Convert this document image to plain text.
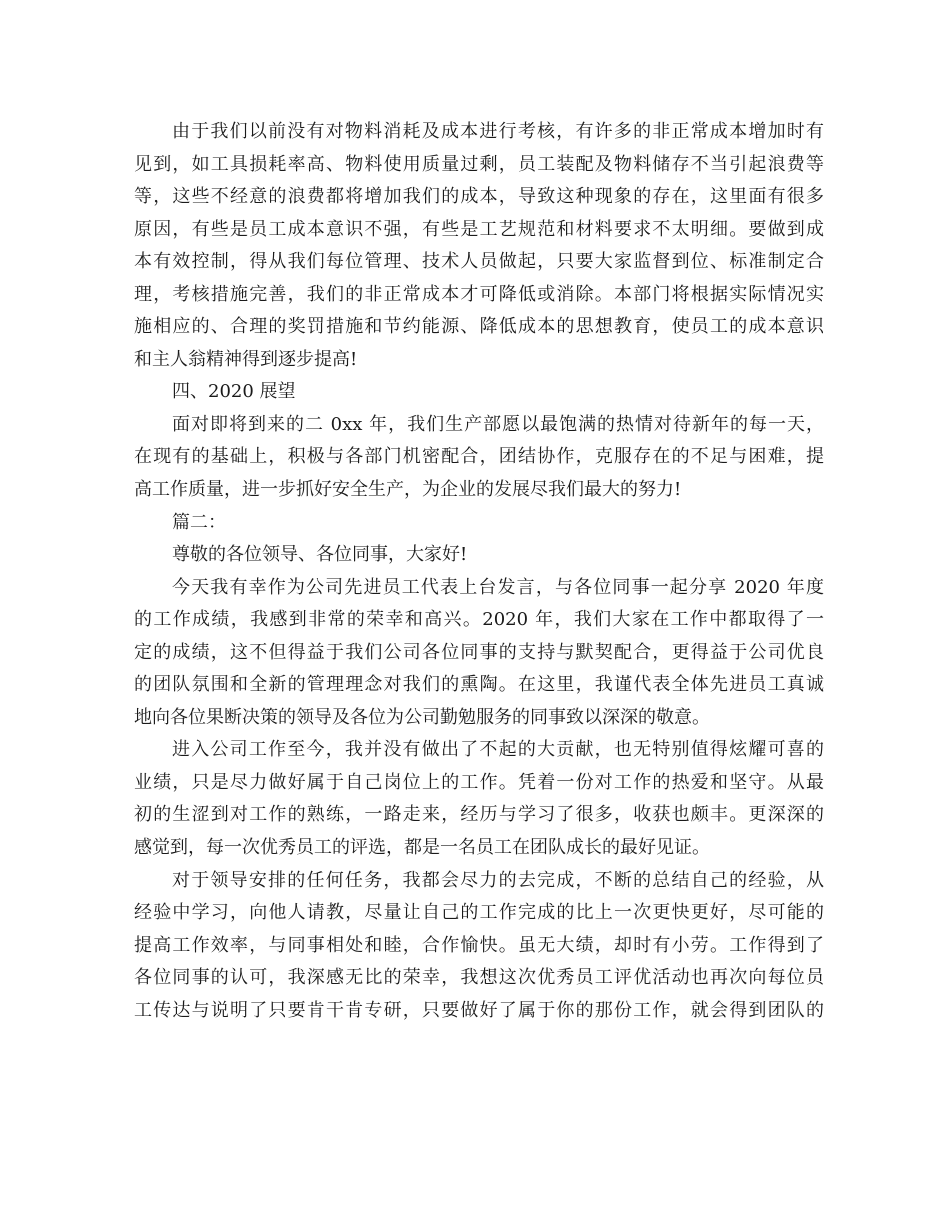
由于我们以前没有对物料消耗及成本进行考核，有许多的非正常成本增加时有
见到，如工具损耗率高、物料使用质量过剩，员工装配及物料储存不当引起浪费等
等，这些不经意的浪费都将增加我们的成本，导致这种现象的存在，这里面有很多
原因，有些是员工成本意识不强，有些是工艺规范和材料要求不太明细。要做到成
本有效控制，得从我们每位管理、技术人员做起，只要大家监督到位、标准制定合
理，考核措施完善，我们的非正常成本才可降低或消除。本部门将根据实际情况实
施相应的、合理的奖罚措施和节约能源、降低成本的思想教育，使员工的成本意识
和主人翁精神得到逐步提高!
四、2020 展望
面对即将到来的二 0xx 年，我们生产部愿以最饱满的热情对待新年的每一天，
在现有的基础上，积极与各部门机密配合，团结协作，克服存在的不足与困难，提
高工作质量，进一步抓好安全生产，为企业的发展尽我们最大的努力!
篇二：
尊敬的各位领导、各位同事，大家好!
今天我有幸作为公司先进员工代表上台发言，与各位同事一起分享 2020 年度
的工作成绩，我感到非常的荣幸和高兴。2020 年，我们大家在工作中都取得了一
定的成绩，这不但得益于我们公司各位同事的支持与默契配合，更得益于公司优良
的团队氛围和全新的管理理念对我们的熏陶。在这里，我谨代表全体先进员工真诚
地向各位果断决策的领导及各位为公司勤勉服务的同事致以深深的敬意。
进入公司工作至今，我并没有做出了不起的大贡献，也无特别值得炫耀可喜的
业绩，只是尽力做好属于自己岗位上的工作。凭着一份对工作的热爱和坚守。从最
初的生涩到对工作的熟练，一路走来，经历与学习了很多，收获也颇丰。更深深的
感觉到，每一次优秀员工的评选，都是一名员工在团队成长的最好见证。
对于领导安排的任何任务，我都会尽力的去完成，不断的总结自己的经验，从
经验中学习，向他人请教，尽量让自己的工作完成的比上一次更快更好，尽可能的
提高工作效率，与同事相处和睦，合作愉快。虽无大绩，却时有小劳。工作得到了
各位同事的认可，我深感无比的荣幸，我想这次优秀员工评优活动也再次向每位员
工传达与说明了只要肯干肯专研，只要做好了属于你的那份工作，就会得到团队的
